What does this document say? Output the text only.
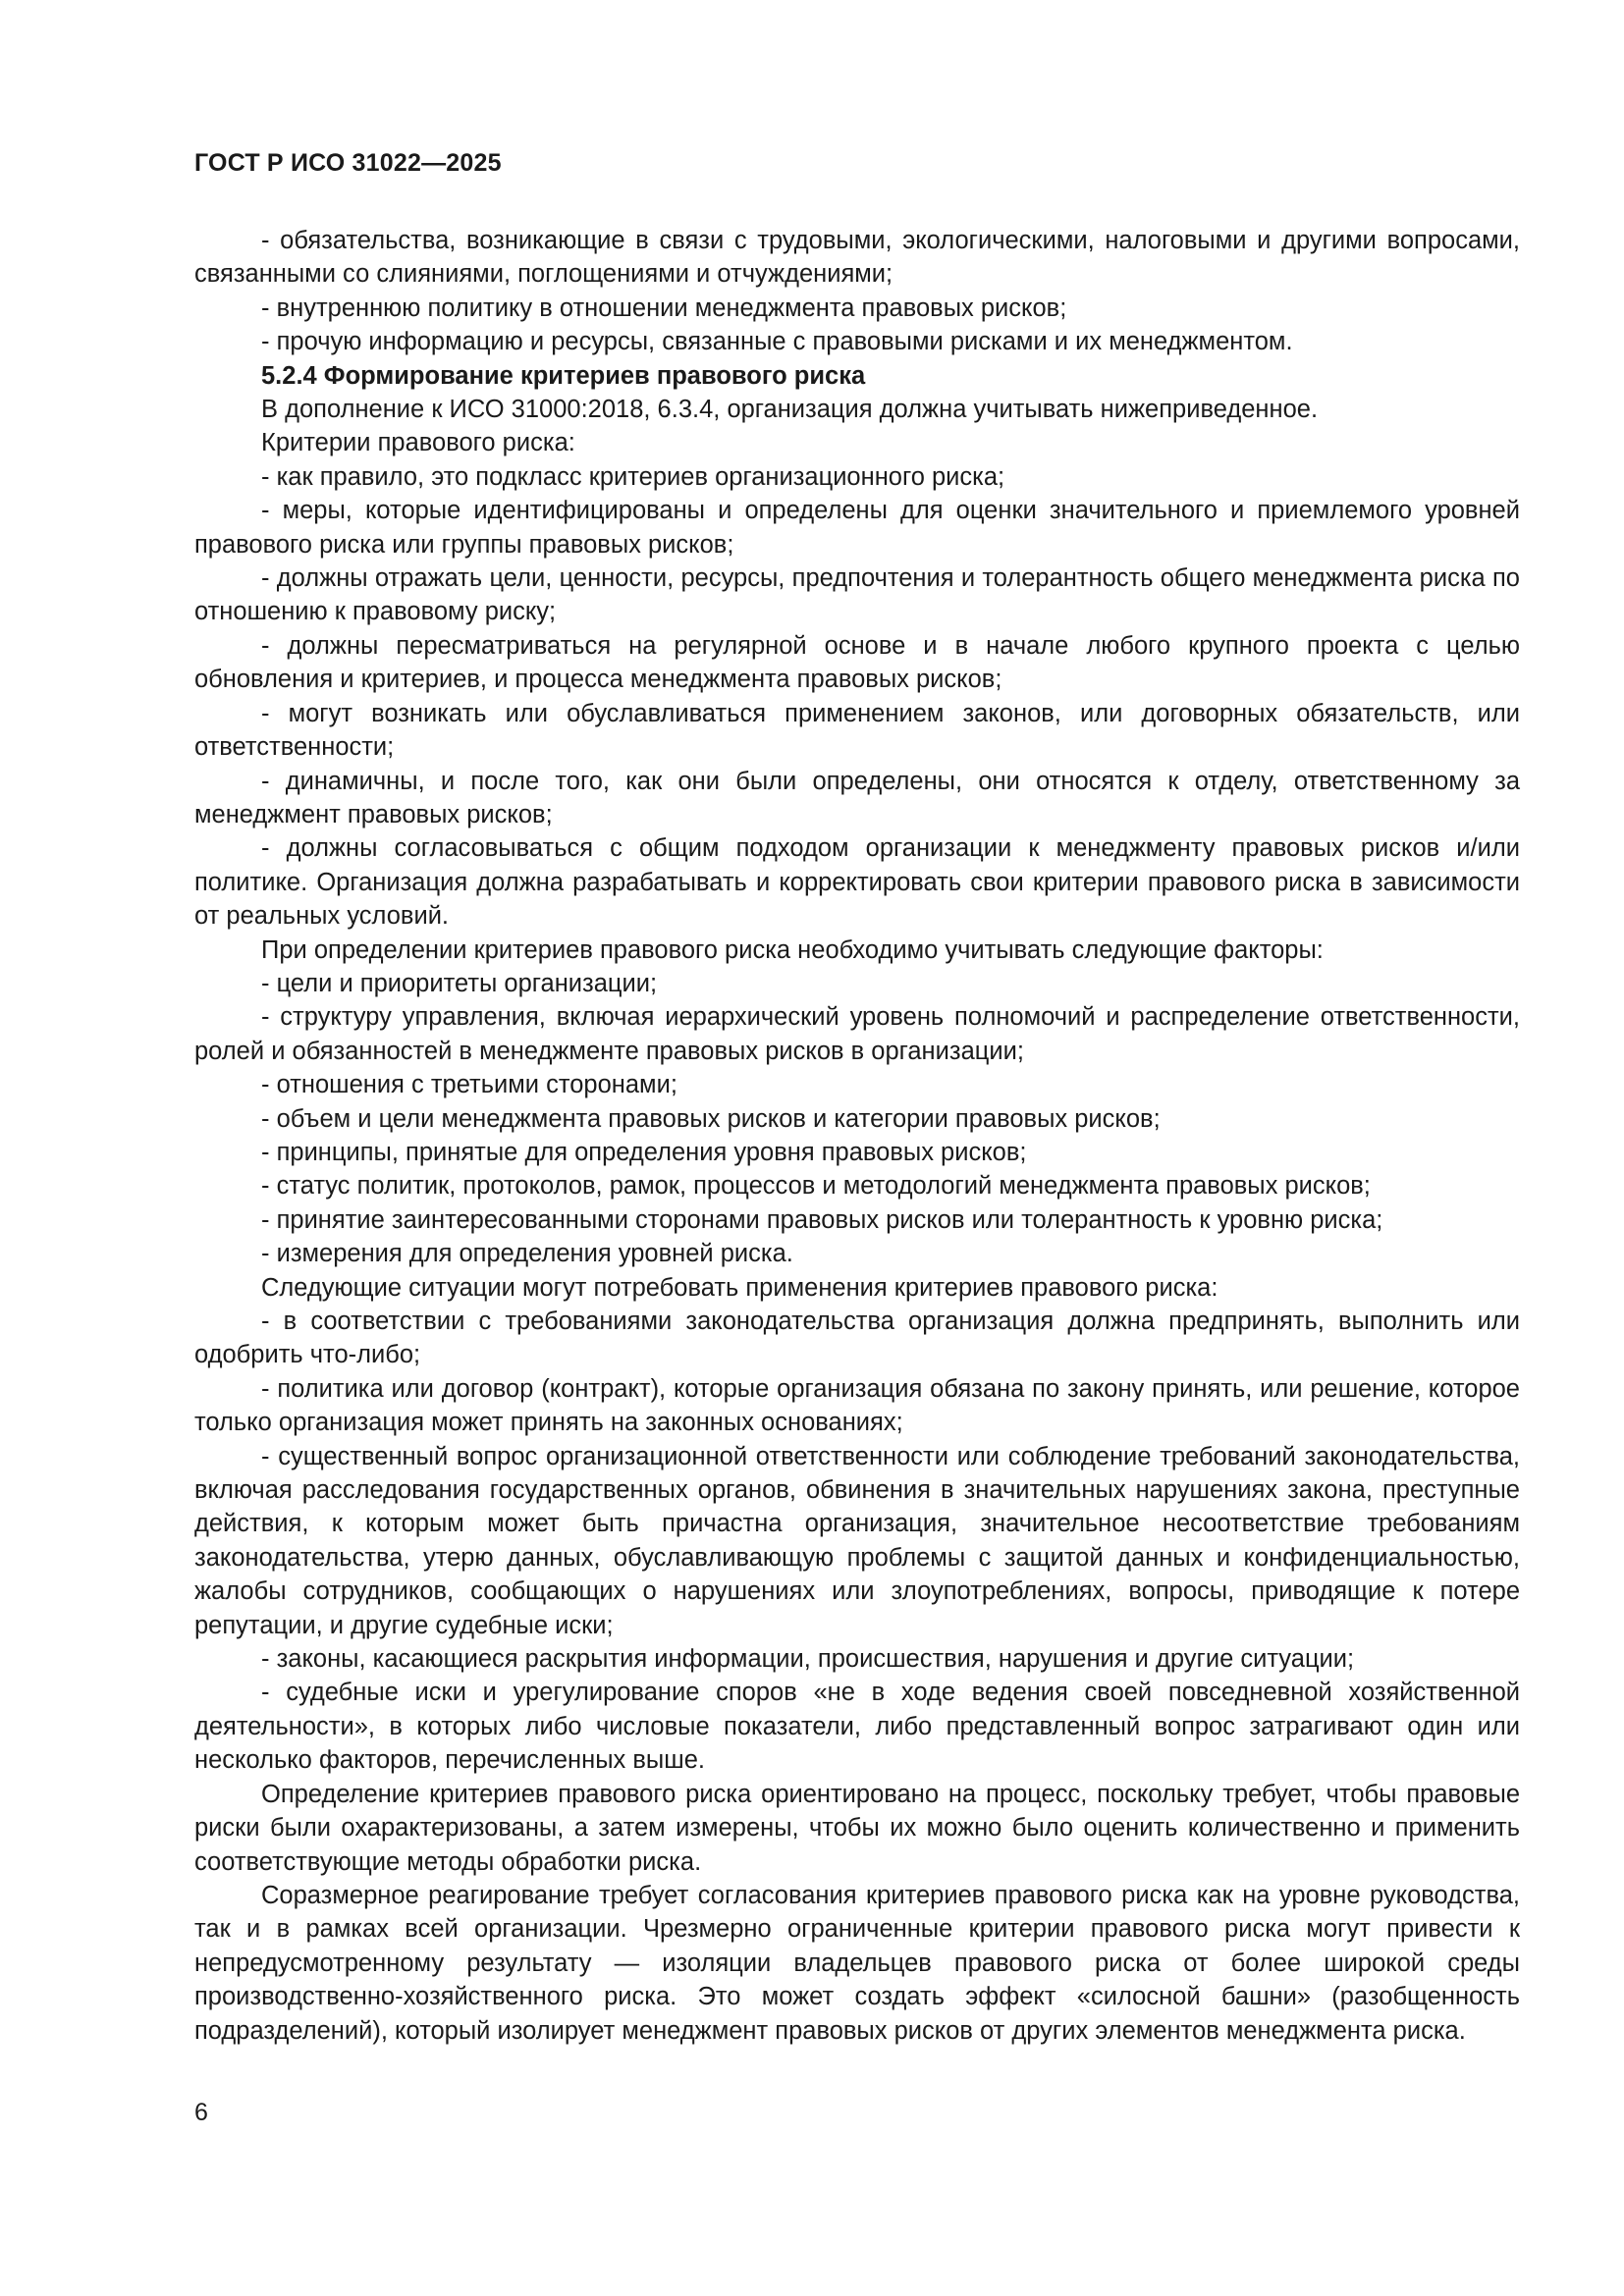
ГОСТ Р ИСО 31022—2025

- обязательства, возникающие в связи с трудовыми, экологическими, налоговыми и другими вопросами, связанными со слияниями, поглощениями и отчуждениями;

- внутреннюю политику в отношении менеджмента правовых рисков;

- прочую информацию и ресурсы, связанные с правовыми рисками и их менеджментом.

5.2.4 Формирование критериев правового риска

В дополнение к ИСО 31000:2018, 6.3.4, организация должна учитывать нижеприведенное.

Критерии правового риска:

- как правило, это подкласс критериев организационного риска;

- меры, которые идентифицированы и определены для оценки значительного и приемлемого уровней правового риска или группы правовых рисков;

- должны отражать цели, ценности, ресурсы, предпочтения и толерантность общего менеджмента риска по отношению к правовому риску;

- должны пересматриваться на регулярной основе и в начале любого крупного проекта с целью обновления и критериев, и процесса менеджмента правовых рисков;

- могут возникать или обуславливаться применением законов, или договорных обязательств, или ответственности;

- динамичны, и после того, как они были определены, они относятся к отделу, ответственному за менеджмент правовых рисков;

- должны согласовываться с общим подходом организации к менеджменту правовых рисков и/или политике. Организация должна разрабатывать и корректировать свои критерии правового риска в зависимости от реальных условий.

При определении критериев правового риска необходимо учитывать следующие факторы:

- цели и приоритеты организации;

- структуру управления, включая иерархический уровень полномочий и распределение ответственности, ролей и обязанностей в менеджменте правовых рисков в организации;

- отношения с третьими сторонами;

- объем и цели менеджмента правовых рисков и категории правовых рисков;

- принципы, принятые для определения уровня правовых рисков;

- статус политик, протоколов, рамок, процессов и методологий менеджмента правовых рисков;

- принятие заинтересованными сторонами правовых рисков или толерантность к уровню риска;

- измерения для определения уровней риска.

Следующие ситуации могут потребовать применения критериев правового риска:

- в соответствии с требованиями законодательства организация должна предпринять, выполнить или одобрить что-либо;

- политика или договор (контракт), которые организация обязана по закону принять, или решение, которое только организация может принять на законных основаниях;

- существенный вопрос организационной ответственности или соблюдение требований законодательства, включая расследования государственных органов, обвинения в значительных нарушениях закона, преступные действия, к которым может быть причастна организация, значительное несоответствие требованиям законодательства, утерю данных, обуславливающую проблемы с защитой данных и конфиденциальностью, жалобы сотрудников, сообщающих о нарушениях или злоупотреблениях, вопросы, приводящие к потере репутации, и другие судебные иски;

- законы, касающиеся раскрытия информации, происшествия, нарушения и другие ситуации;

- судебные иски и урегулирование споров «не в ходе ведения своей повседневной хозяйственной деятельности», в которых либо числовые показатели, либо представленный вопрос затрагивают один или несколько факторов, перечисленных выше.

Определение критериев правового риска ориентировано на процесс, поскольку требует, чтобы правовые риски были охарактеризованы, а затем измерены, чтобы их можно было оценить количественно и применить соответствующие методы обработки риска.

Соразмерное реагирование требует согласования критериев правового риска как на уровне руководства, так и в рамках всей организации. Чрезмерно ограниченные критерии правового риска могут привести к непредусмотренному результату — изоляции владельцев правового риска от более широкой среды производственно-хозяйственного риска. Это может создать эффект «силосной башни» (разобщенность подразделений), который изолирует менеджмент правовых рисков от других элементов менеджмента риска.

6
